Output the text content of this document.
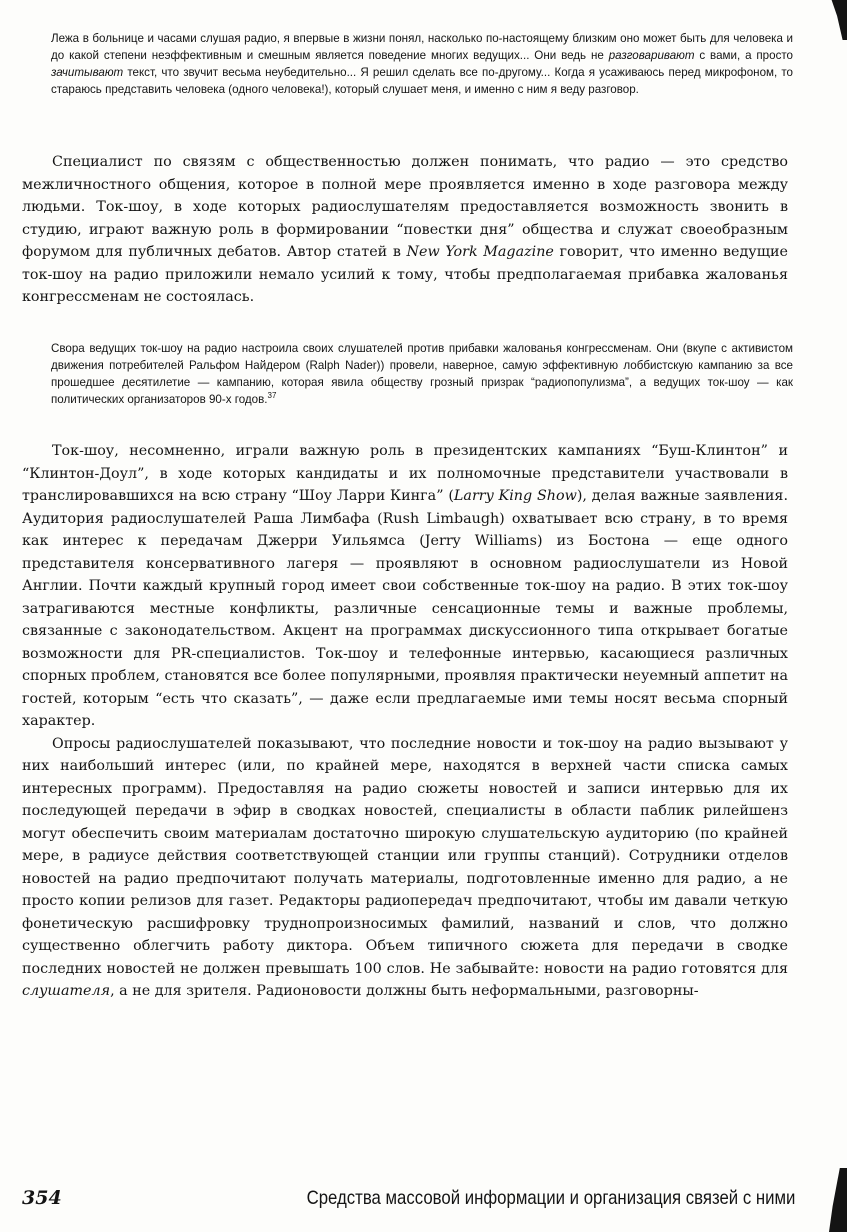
Лежа в больнице и часами слушая радио, я впервые в жизни понял, насколько по-настоящему близким оно может быть для человека и до какой степени неэффективным и смешным является поведение многих ведущих... Они ведь не разговаривают с вами, а просто зачитывают текст, что звучит весьма неубедительно... Я решил сделать все по-другому... Когда я усаживаюсь перед микрофоном, то стараюсь представить человека (одного человека!), который слушает меня, и именно с ним я веду разговор.

Специалист по связям с общественностью должен понимать, что радио — это средство межличностного общения, которое в полной мере проявляется именно в ходе разговора между людьми. Ток-шоу, в ходе которых радиослушателям предоставляется возможность звонить в студию, играют важную роль в формировании “повестки дня” общества и служат своеобразным форумом для публичных дебатов. Автор статей в New York Magazine говорит, что именно ведущие ток-шоу на радио приложили немало усилий к тому, чтобы предполагаемая прибавка жалованья конгрессменам не состоялась.

Свора ведущих ток-шоу на радио настроила своих слушателей против прибавки жалованья конгрессменам. Они (вкупе с активистом движения потребителей Ральфом Найдером (Ralph Nader)) провели, наверное, самую эффективную лоббистскую кампанию за все прошедшее десятилетие — кампанию, которая явила обществу грозный призрак “радиопопулизма”, а ведущих ток-шоу — как политических организаторов 90-х годов.$^{37}$

Ток-шоу, несомненно, играли важную роль в президентских кампаниях “Буш-Клинтон” и “Клинтон-Доул”, в ходе которых кандидаты и их полномочные представители участвовали в транслировавшихся на всю страну “Шоу Ларри Кинга” (Larry King Show), делая важные заявления. Аудитория радиослушателей Раша Лимбафа (Rush Limbaugh) охватывает всю страну, в то время как интерес к передачам Джерри Уильямса (Jerry Williams) из Бостона — еще одного представителя консервативного лагеря — проявляют в основном радиослушатели из Новой Англии. Почти каждый крупный город имеет свои собственные ток-шоу на радио. В этих ток-шоу затрагиваются местные конфликты, различные сенсационные темы и важные проблемы, связанные с законодательством. Акцент на программах дискуссионного типа открывает богатые возможности для PR-специалистов. Ток-шоу и телефонные интервью, касающиеся различных спорных проблем, становятся все более популярными, проявляя практически неуемный аппетит на гостей, которым “есть что сказать”, — даже если предлагаемые ими темы носят весьма спорный характер.

Опросы радиослушателей показывают, что последние новости и ток-шоу на радио вызывают у них наибольший интерес (или, по крайней мере, находятся в верхней части списка самых интересных программ). Предоставляя на радио сюжеты новостей и записи интервью для их последующей передачи в эфир в сводках новостей, специалисты в области паблик рилейшенз могут обеспечить своим материалам достаточно широкую слушательскую аудиторию (по крайней мере, в радиусе действия соответствующей станции или группы станций). Сотрудники отделов новостей на радио предпочитают получать материалы, подготовленные именно для радио, а не просто копии релизов для газет. Редакторы радиопередач предпочитают, чтобы им давали четкую фонетическую расшифровку труднопроизносимых фамилий, названий и слов, что должно существенно облегчить работу диктора. Объем типичного сюжета для передачи в сводке последних новостей не должен превышать 100 слов. Не забывайте: новости на радио готовятся для слушателя, а не для зрителя. Радионовости должны быть неформальными, разговорны-

354	Средства массовой информации и организация связей с ними
